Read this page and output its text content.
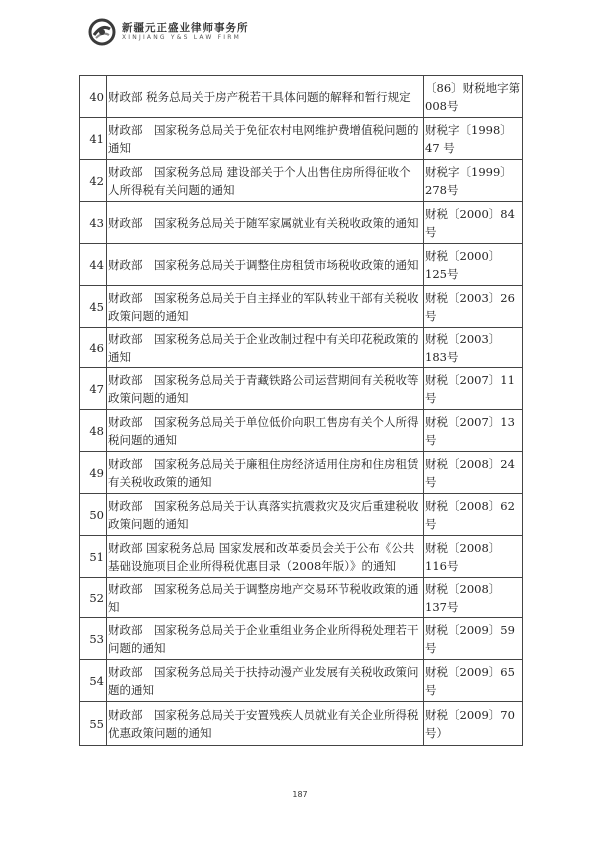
新疆元正盛业律师事务所
XINJIANG Y&S LAW FIRM
40	财政部 税务总局关于房产税若干具体问题的解释和暂行规定	〔86〕财税地字第 008号
41	财政部　国家税务总局关于免征农村电网维护费增值税问题的通知	财税字〔1998〕47 号
42	财政部　国家税务总局 建设部关于个人出售住房所得征收个人所得税有关问题的通知	财税字〔1999〕278号
43	财政部　国家税务总局关于随军家属就业有关税收政策的通知	财税〔2000〕84号
44	财政部　国家税务总局关于调整住房租赁市场税收政策的通知	财税〔2000〕125号
45	财政部　国家税务总局关于自主择业的军队转业干部有关税收政策问题的通知	财税〔2003〕26号
46	财政部　国家税务总局关于企业改制过程中有关印花税政策的通知	财税〔2003〕183号
47	财政部　国家税务总局关于青藏铁路公司运营期间有关税收等政策问题的通知	财税〔2007〕11号
48	财政部　国家税务总局关于单位低价向职工售房有关个人所得税问题的通知	财税〔2007〕13号
49	财政部　国家税务总局关于廉租住房经济适用住房和住房租赁有关税收政策的通知	财税〔2008〕24号
50	财政部　国家税务总局关于认真落实抗震救灾及灾后重建税收政策问题的通知	财税〔2008〕62号
51	财政部 国家税务总局 国家发展和改革委员会关于公布《公共基础设施项目企业所得税优惠目录（2008年版）》的通知	财税〔2008〕116号
52	财政部　国家税务总局关于调整房地产交易环节税收政策的通知	财税〔2008〕137号
53	财政部　国家税务总局关于企业重组业务企业所得税处理若干问题的通知	财税〔2009〕59号
54	财政部　国家税务总局关于扶持动漫产业发展有关税收政策问题的通知	财税〔2009〕65号
55	财政部　国家税务总局关于安置残疾人员就业有关企业所得税优惠政策问题的通知	财税〔2009〕70号）
187
